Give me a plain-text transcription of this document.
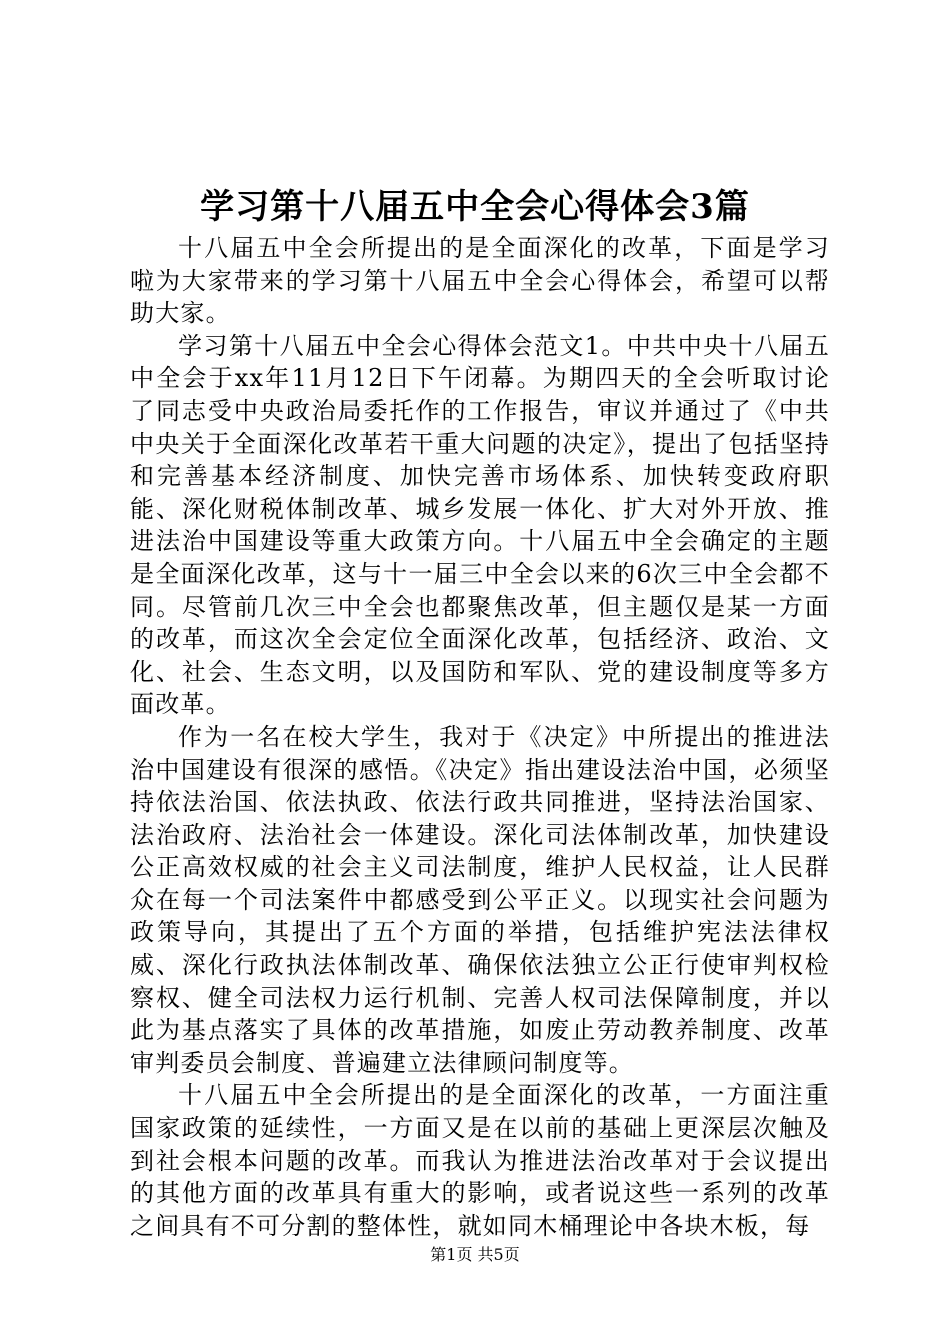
学习第十八届五中全会心得体会3篇

十八届五中全会所提出的是全面深化的改革，下面是学习啦为大家带来的学习第十八届五中全会心得体会，希望可以帮助大家。

学习第十八届五中全会心得体会范文1。中共中央十八届五中全会于xx年11月12日下午闭幕。为期四天的全会听取讨论了同志受中央政治局委托作的工作报告，审议并通过了《中共中央关于全面深化改革若干重大问题的决定》，提出了包括坚持和完善基本经济制度、加快完善市场体系、加快转变政府职能、深化财税体制改革、城乡发展一体化、扩大对外开放、推进法治中国建设等重大政策方向。十八届五中全会确定的主题是全面深化改革，这与十一届三中全会以来的6次三中全会都不同。尽管前几次三中全会也都聚焦改革，但主题仅是某一方面的改革，而这次全会定位全面深化改革，包括经济、政治、文化、社会、生态文明，以及国防和军队、党的建设制度等多方面改革。

作为一名在校大学生，我对于《决定》中所提出的推进法治中国建设有很深的感悟。《决定》指出建设法治中国，必须坚持依法治国、依法执政、依法行政共同推进，坚持法治国家、法治政府、法治社会一体建设。深化司法体制改革，加快建设公正高效权威的社会主义司法制度，维护人民权益，让人民群众在每一个司法案件中都感受到公平正义。以现实社会问题为政策导向，其提出了五个方面的举措，包括维护宪法法律权威、深化行政执法体制改革、确保依法独立公正行使审判权检察权、健全司法权力运行机制、完善人权司法保障制度，并以此为基点落实了具体的改革措施，如废止劳动教养制度、改革审判委员会制度、普遍建立法律顾问制度等。

十八届五中全会所提出的是全面深化的改革，一方面注重国家政策的延续性，一方面又是在以前的基础上更深层次触及到社会根本问题的改革。而我认为推进法治改革对于会议提出的其他方面的改革具有重大的影响，或者说这些一系列的改革之间具有不可分割的整体性，就如同木桶理论中各块木板，每

第1页 共5页
